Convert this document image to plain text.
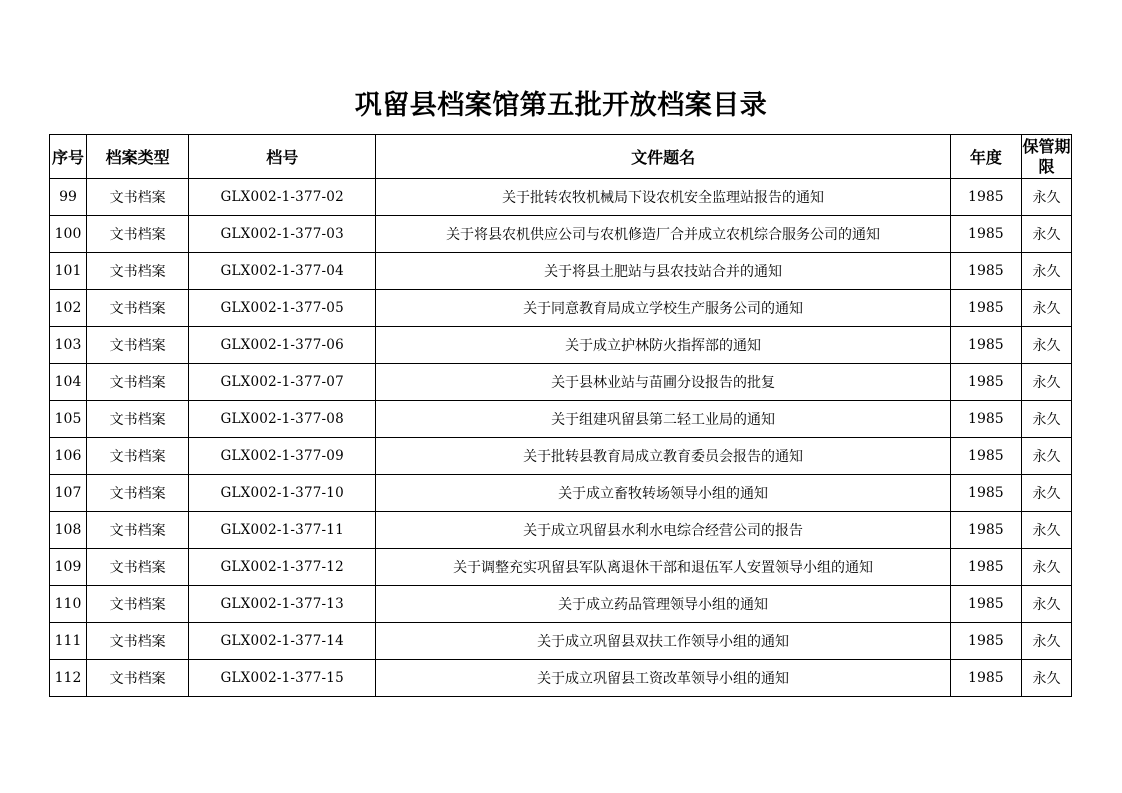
巩留县档案馆第五批开放档案目录
序号	档案类型	档号	文件题名	年度	保管期限
99	文书档案	GLX002-1-377-02	关于批转农牧机械局下设农机安全监理站报告的通知	1985	永久
100	文书档案	GLX002-1-377-03	关于将县农机供应公司与农机修造厂合并成立农机综合服务公司的通知	1985	永久
101	文书档案	GLX002-1-377-04	关于将县土肥站与县农技站合并的通知	1985	永久
102	文书档案	GLX002-1-377-05	关于同意教育局成立学校生产服务公司的通知	1985	永久
103	文书档案	GLX002-1-377-06	关于成立护林防火指挥部的通知	1985	永久
104	文书档案	GLX002-1-377-07	关于县林业站与苗圃分设报告的批复	1985	永久
105	文书档案	GLX002-1-377-08	关于组建巩留县第二轻工业局的通知	1985	永久
106	文书档案	GLX002-1-377-09	关于批转县教育局成立教育委员会报告的通知	1985	永久
107	文书档案	GLX002-1-377-10	关于成立畜牧转场领导小组的通知	1985	永久
108	文书档案	GLX002-1-377-11	关于成立巩留县水利水电综合经营公司的报告	1985	永久
109	文书档案	GLX002-1-377-12	关于调整充实巩留县军队离退休干部和退伍军人安置领导小组的通知	1985	永久
110	文书档案	GLX002-1-377-13	关于成立药品管理领导小组的通知	1985	永久
111	文书档案	GLX002-1-377-14	关于成立巩留县双扶工作领导小组的通知	1985	永久
112	文书档案	GLX002-1-377-15	关于成立巩留县工资改革领导小组的通知	1985	永久
